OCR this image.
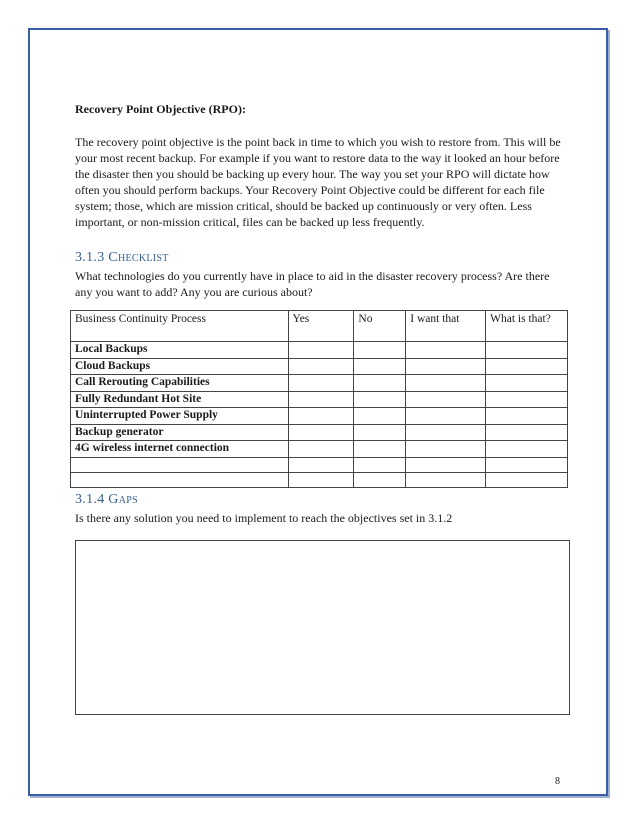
Recovery Point Objective (RPO):

The recovery point objective is the point back in time to which you wish to restore from. This will be your most recent backup. For example if you want to restore data to the way it looked an hour before the disaster then you should be backing up every hour. The way you set your RPO will dictate how often you should perform backups. Your Recovery Point Objective could be different for each file system; those, which are mission critical, should be backed up continuously or very often. Less important, or non-mission critical, files can be backed up less frequently.

3.1.3 Checklist

What technologies do you currently have in place to aid in the disaster recovery process? Are there any you want to add? Any you are curious about?

Business Continuity Process	Yes	No	I want that	What is that?
Local Backups				
Cloud Backups				
Call Rerouting Capabilities				
Fully Redundant Hot Site				
Uninterrupted Power Supply				
Backup generator				
4G wireless internet connection				

3.1.4 Gaps

Is there any solution you need to implement to reach the objectives set in 3.1.2

8
